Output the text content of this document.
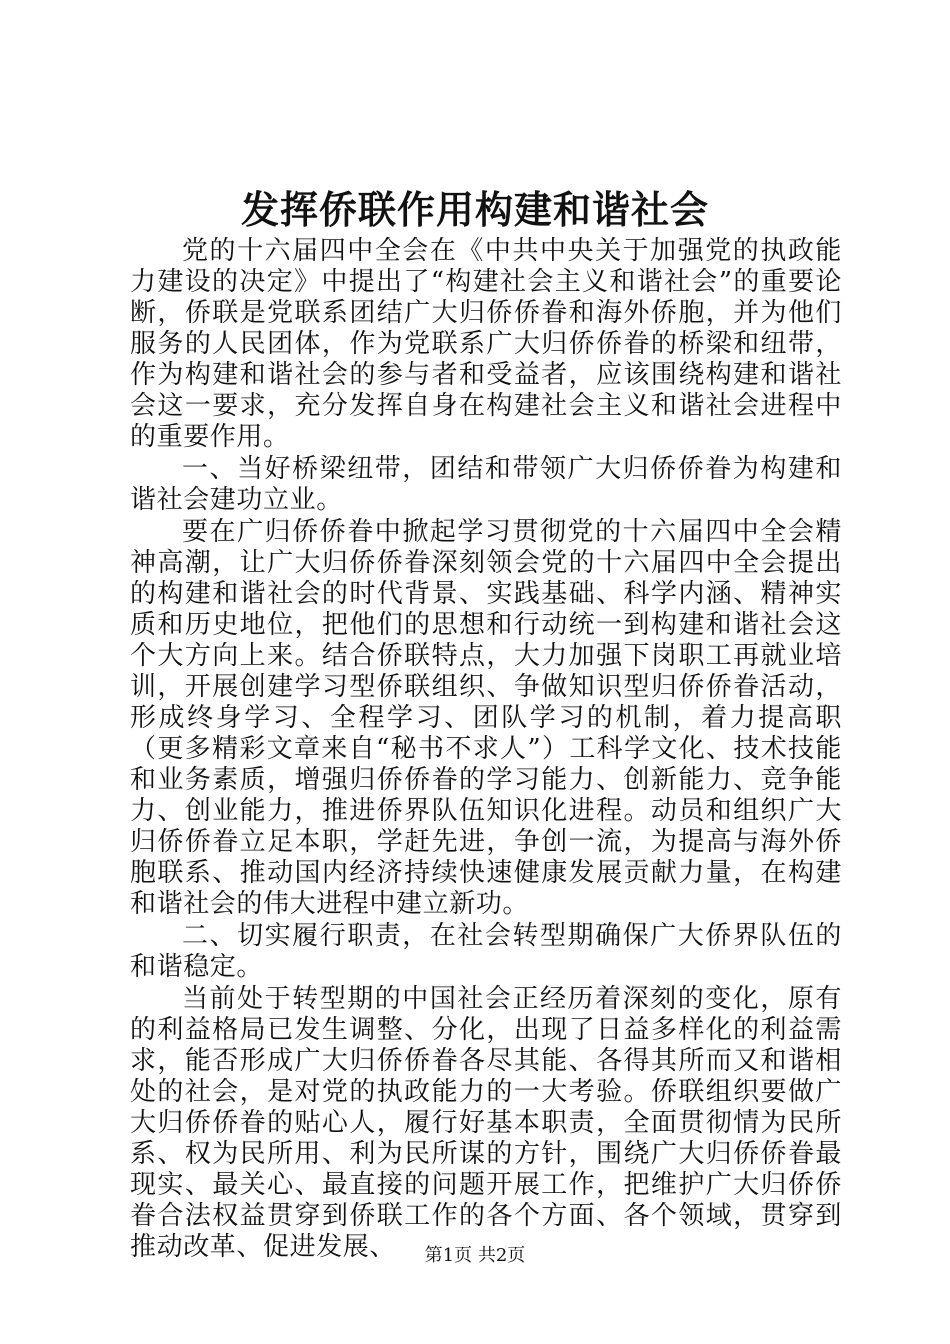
发挥侨联作用构建和谐社会

党的十六届四中全会在《中共中央关于加强党的执政能力建设的决定》中提出了“构建社会主义和谐社会”的重要论断，侨联是党联系团结广大归侨侨眷和海外侨胞，并为他们服务的人民团体，作为党联系广大归侨侨眷的桥梁和纽带，作为构建和谐社会的参与者和受益者，应该围绕构建和谐社会这一要求，充分发挥自身在构建社会主义和谐社会进程中的重要作用。

一、当好桥梁纽带，团结和带领广大归侨侨眷为构建和谐社会建功立业。

要在广归侨侨眷中掀起学习贯彻党的十六届四中全会精神高潮，让广大归侨侨眷深刻领会党的十六届四中全会提出的构建和谐社会的时代背景、实践基础、科学内涵、精神实质和历史地位，把他们的思想和行动统一到构建和谐社会这个大方向上来。结合侨联特点，大力加强下岗职工再就业培训，开展创建学习型侨联组织、争做知识型归侨侨眷活动，形成终身学习、全程学习、团队学习的机制，着力提高职（更多精彩文章来自“秘书不求人”）工科学文化、技术技能和业务素质，增强归侨侨眷的学习能力、创新能力、竞争能力、创业能力，推进侨界队伍知识化进程。动员和组织广大归侨侨眷立足本职，学赶先进，争创一流，为提高与海外侨胞联系、推动国内经济持续快速健康发展贡献力量，在构建和谐社会的伟大进程中建立新功。

二、切实履行职责，在社会转型期确保广大侨界队伍的和谐稳定。

当前处于转型期的中国社会正经历着深刻的变化，原有的利益格局已发生调整、分化，出现了日益多样化的利益需求，能否形成广大归侨侨眷各尽其能、各得其所而又和谐相处的社会，是对党的执政能力的一大考验。侨联组织要做广大归侨侨眷的贴心人，履行好基本职责，全面贯彻情为民所系、权为民所用、利为民所谋的方针，围绕广大归侨侨眷最现实、最关心、最直接的问题开展工作，把维护广大归侨侨眷合法权益贯穿到侨联工作的各个方面、各个领域，贯穿到推动改革、促进发展、	第1页 共2页
